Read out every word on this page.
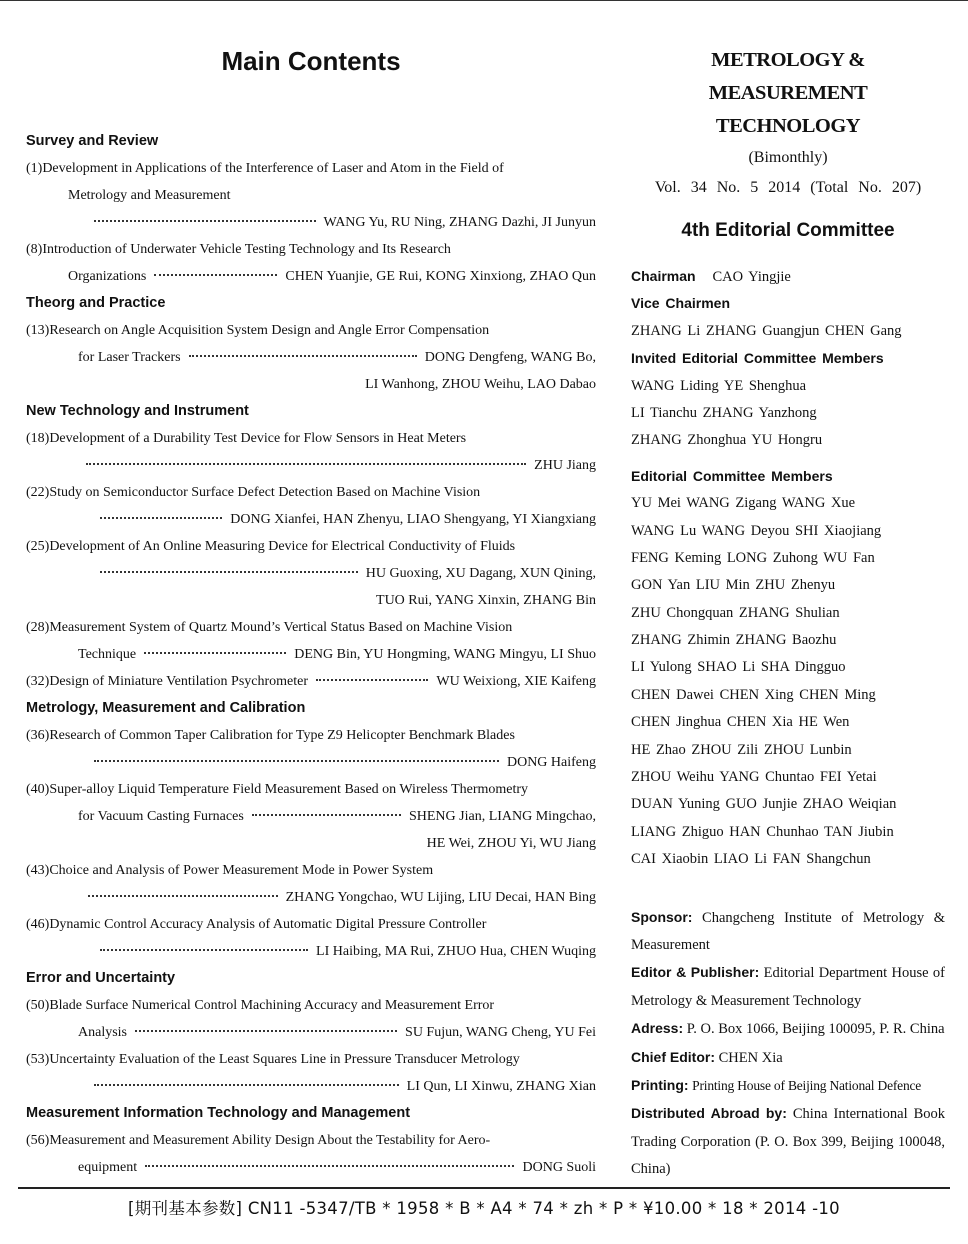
Main Contents
Survey and Review
(1)Development in Applications of the Interference of Laser and Atom in the Field of
Metrology and Measurement
WANG Yu, RU Ning, ZHANG Dazhi, JI Junyun
(8)Introduction of Underwater Vehicle Testing Technology and Its Research
Organizations	CHEN Yuanjie, GE Rui, KONG Xinxiong, ZHAO Qun
Theorg and Practice
(13)Research on Angle Acquisition System Design and Angle Error Compensation
for Laser Trackers	DONG Dengfeng, WANG Bo,
LI Wanhong, ZHOU Weihu, LAO Dabao
New Technology and Instrument
(18)Development of a Durability Test Device for Flow Sensors in Heat Meters
ZHU Jiang
(22)Study on Semiconductor Surface Defect Detection Based on Machine Vision
DONG Xianfei, HAN Zhenyu, LIAO Shengyang, YI Xiangxiang
(25)Development of An Online Measuring Device for Electrical Conductivity of Fluids
HU Guoxing, XU Dagang, XUN Qining,
TUO Rui, YANG Xinxin, ZHANG Bin
(28)Measurement System of Quartz Mound’s Vertical Status Based on Machine Vision
Technique	DENG Bin, YU Hongming, WANG Mingyu, LI Shuo
(32)Design of Miniature Ventilation Psychrometer	WU Weixiong, XIE Kaifeng
Metrology, Measurement and Calibration
(36)Research of Common Taper Calibration for Type Z9 Helicopter Benchmark Blades
DONG Haifeng
(40)Super-alloy Liquid Temperature Field Measurement Based on Wireless Thermometry
for Vacuum Casting Furnaces	SHENG Jian, LIANG Mingchao,
HE Wei, ZHOU Yi, WU Jiang
(43)Choice and Analysis of Power Measurement Mode in Power System
ZHANG Yongchao, WU Lijing, LIU Decai, HAN Bing
(46)Dynamic Control Accuracy Analysis of Automatic Digital Pressure Controller
LI Haibing, MA Rui, ZHUO Hua, CHEN Wuqing
Error and Uncertainty
(50)Blade Surface Numerical Control Machining Accuracy and Measurement Error
Analysis	SU Fujun, WANG Cheng, YU Fei
(53)Uncertainty Evaluation of the Least Squares Line in Pressure Transducer Metrology
LI Qun, LI Xinwu, ZHANG Xian
Measurement Information Technology and Management
(56)Measurement and Measurement Ability Design About the Testability for Aero-
equipment	DONG Suoli
METROLOGY & MEASUREMENT
TECHNOLOGY
(Bimonthly)
Vol. 34 No. 5 2014 (Total No. 207)
4th Editorial Committee
Chairman CAO Yingjie
Vice Chairmen
ZHANG Li ZHANG Guangjun CHEN Gang
Invited Editorial Committee Members
WANG Liding YE Shenghua
LI Tianchu ZHANG Yanzhong
ZHANG Zhonghua YU Hongru
Editorial Committee Members
YU Mei WANG Zigang WANG Xue
WANG Lu WANG Deyou SHI Xiaojiang
FENG Keming LONG Zuhong WU Fan
GON Yan LIU Min ZHU Zhenyu
ZHU Chongquan ZHANG Shulian
ZHANG Zhimin ZHANG Baozhu
LI Yulong SHAO Li SHA Dingguo
CHEN Dawei CHEN Xing CHEN Ming
CHEN Jinghua CHEN Xia HE Wen
HE Zhao ZHOU Zili ZHOU Lunbin
ZHOU Weihu YANG Chuntao FEI Yetai
DUAN Yuning GUO Junjie ZHAO Weiqian
LIANG Zhiguo HAN Chunhao TAN Jiubin
CAI Xiaobin LIAO Li FAN Shangchun
Sponsor: Changcheng Institute of Metrology & Measurement
Editor & Publisher: Editorial Department House of Metrology & Measurement Technology
Adress: P. O. Box 1066, Beijing 100095, P. R. China
Chief Editor: CHEN Xia
Printing: Printing House of Beijing National Defence
Distributed Abroad by: China International Book Trading Corporation (P. O. Box 399, Beijing 100048, China)
[期刊基本参数] CN11 -5347/TB * 1958 * B * A4 * 74 * zh * P * ¥10.00 * 18 * 2014 -10
